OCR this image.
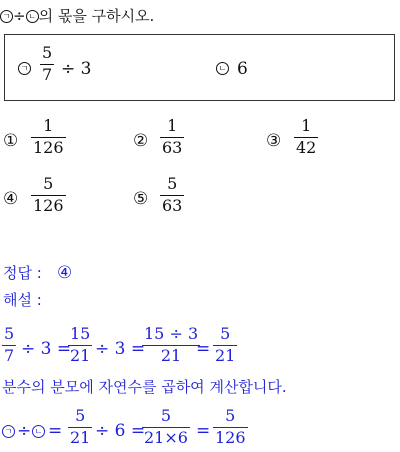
ㄱ ÷ ㄴ 의 몫을 구하시오.
ㄱ
5
7 ÷ 3	ㄴ 6
①
1
126	②
1
63	③
1
42
④
5
126	⑤
5
63
정답 : ④
해설 :
5
7 ÷ 3 =
15
21 ÷ 3 =
15 ÷ 3
21 =
5
21
분수의 분모에 자연수를 곱하여 계산합니다.
ㄱ ÷ ㄴ =
5
21 ÷ 6 =
5
21×6 =
5
126
